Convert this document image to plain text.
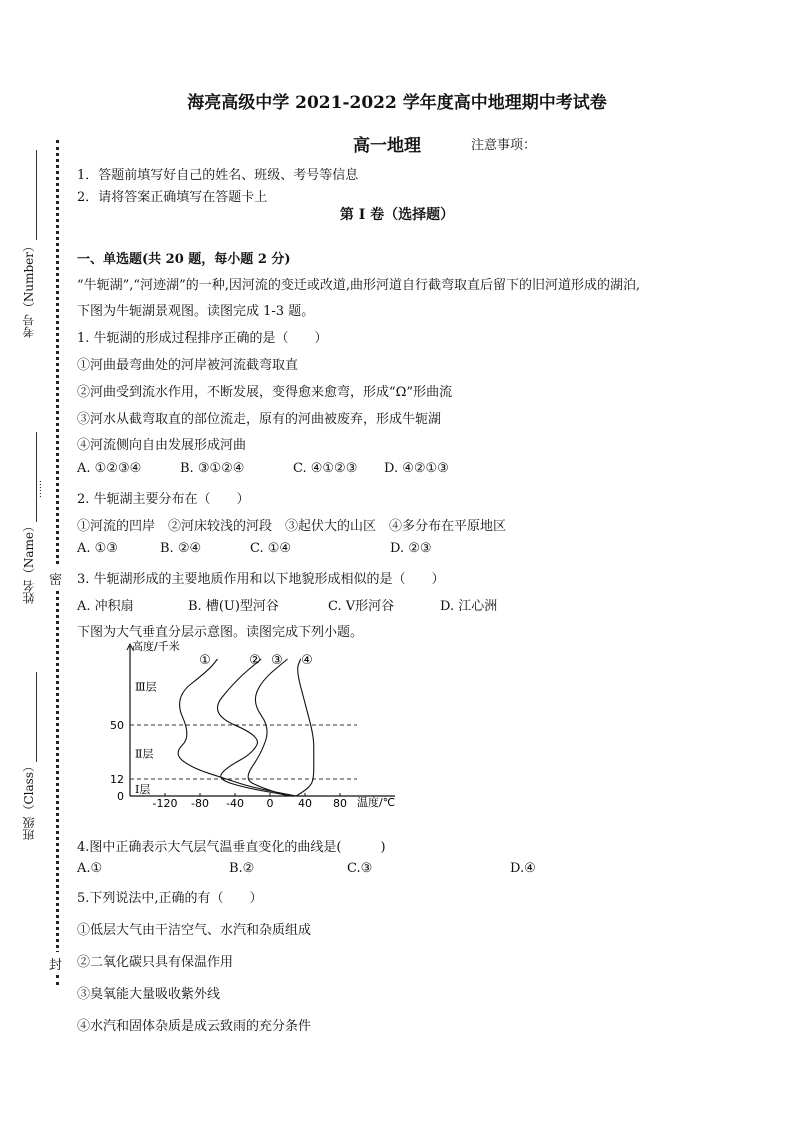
考号（Number）
姓名（Name）
……
班级（Class）
密
封
海亮高级中学 2021-2022 学年度高中地理期中考试卷
高一地理	注意事项：
1．答题前填写好自己的姓名、班级、考号等信息
2．请将答案正确填写在答题卡上
第 I 卷（选择题）
一、单选题(共 20 题，每小题 2 分)
“牛轭湖”,“河迹湖”的一种,因河流的变迁或改道,曲形河道自行截弯取直后留下的旧河道形成的湖泊,
下图为牛轭湖景观图。读图完成 1-3 题。
1. 牛轭湖的形成过程排序正确的是（　　）
①河曲最弯曲处的河岸被河流截弯取直
②河曲受到流水作用，不断发展，变得愈来愈弯，形成“Ω”形曲流
③河水从截弯取直的部位流走，原有的河曲被废弃，形成牛轭湖
④河流侧向自由发展形成河曲
A. ①②③④	B. ③①②④	C. ④①②③ D. ④②①③
2. 牛轭湖主要分布在（　　）
①河流的凹岸　②河床较浅的河段　③起伏大的山区　④多分布在平原地区
A. ①③	B. ②④	C. ①④	D. ②③
3. 牛轭湖形成的主要地质作用和以下地貌形成相似的是（　　）
A. 冲积扇	B. 槽(U)型河谷	C. V形河谷	D. 江心洲
下图为大气垂直分层示意图。读图完成下列小题。
高度/千米
温度/℃
-120 -80 -40 0 40 80
0
12
50
Ⅰ层
Ⅱ层
Ⅲ层
①	② ③ ④
4.图中正确表示大气层气温垂直变化的曲线是(　　　)
A.①	B.②	C.③	D.④
5.下列说法中,正确的有（　　）
①低层大气由干洁空气、水汽和杂质组成
②二氧化碳只具有保温作用
③臭氧能大量吸收紫外线
④水汽和固体杂质是成云致雨的充分条件
